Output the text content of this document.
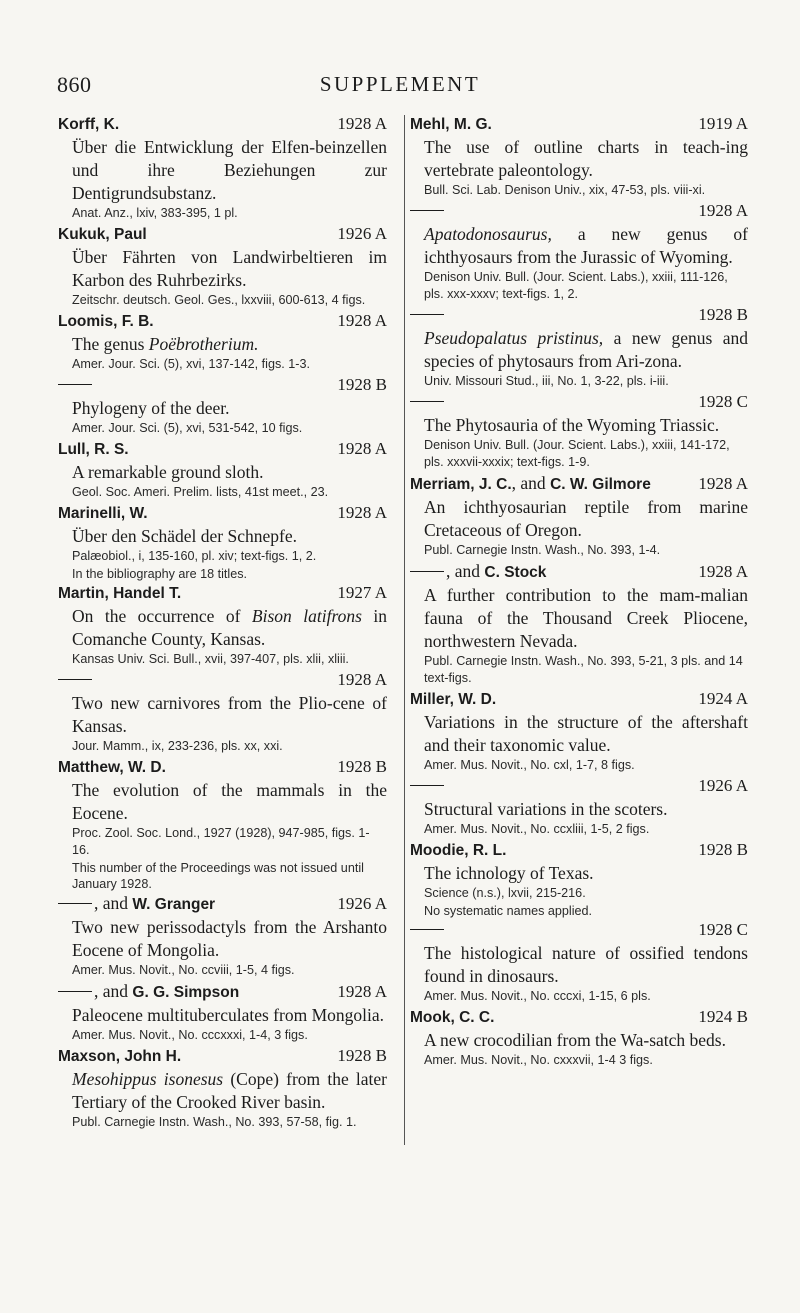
860	SUPPLEMENT
Korff, K.	1928 A
Über die Entwicklung der Elfen-beinzellen und ihre Beziehungen zur Dentigrundsubstanz.
Anat. Anz., lxiv, 383-395, 1 pl.
Kukuk, Paul	1926 A
Über Fährten von Landwirbeltieren im Karbon des Ruhrbezirks.
Zeitschr. deutsch. Geol. Ges., lxxviii, 600-613, 4 figs.
Loomis, F. B.	1928 A
The genus Poëbrotherium.
Amer. Jour. Sci. (5), xvi, 137-142, figs. 1-3.
1928 B
Phylogeny of the deer.
Amer. Jour. Sci. (5), xvi, 531-542, 10 figs.
Lull, R. S.	1928 A
A remarkable ground sloth.
Geol. Soc. Ameri. Prelim. lists, 41st meet., 23.
Marinelli, W.	1928 A
Über den Schädel der Schnepfe.
Palæobiol., i, 135-160, pl. xiv; text-figs. 1, 2.
In the bibliography are 18 titles.
Martin, Handel T.	1927 A
On the occurrence of Bison latifrons in Comanche County, Kansas.
Kansas Univ. Sci. Bull., xvii, 397-407, pls. xlii, xliii.
1928 A
Two new carnivores from the Plio-cene of Kansas.
Jour. Mamm., ix, 233-236, pls. xx, xxi.
Matthew, W. D.	1928 B
The evolution of the mammals in the Eocene.
Proc. Zool. Soc. Lond., 1927 (1928), 947-985, figs. 1-16.
This number of the Proceedings was not issued until January 1928.
, and W. Granger	1926 A
Two new perissodactyls from the Arshanto Eocene of Mongolia.
Amer. Mus. Novit., No. ccviii, 1-5, 4 figs.
, and G. G. Simpson	1928 A
Paleocene multituberculates from Mongolia.
Amer. Mus. Novit., No. cccxxxi, 1-4, 3 figs.
Maxson, John H.	1928 B
Mesohippus isonesus (Cope) from the later Tertiary of the Crooked River basin.
Publ. Carnegie Instn. Wash., No. 393, 57-58, fig. 1.
Mehl, M. G.	1919 A
The use of outline charts in teach-ing vertebrate paleontology.
Bull. Sci. Lab. Denison Univ., xix, 47-53, pls. viii-xi.
1928 A
Apatodonosaurus, a new genus of ichthyosaurs from the Jurassic of Wyoming.
Denison Univ. Bull. (Jour. Scient. Labs.), xxiii, 111-126, pls. xxx-xxxv; text-figs. 1, 2.
1928 B
Pseudopalatus pristinus, a new genus and species of phytosaurs from Ari-zona.
Univ. Missouri Stud., iii, No. 1, 3-22, pls. i-iii.
1928 C
The Phytosauria of the Wyoming Triassic.
Denison Univ. Bull. (Jour. Scient. Labs.), xxiii, 141-172, pls. xxxvii-xxxix; text-figs. 1-9.
Merriam, J. C., and C. W. Gilmore	1928 A
An ichthyosaurian reptile from marine Cretaceous of Oregon.
Publ. Carnegie Instn. Wash., No. 393, 1-4.
, and C. Stock	1928 A
A further contribution to the mam-malian fauna of the Thousand Creek Pliocene, northwestern Nevada.
Publ. Carnegie Instn. Wash., No. 393, 5-21, 3 pls. and 14 text-figs.
Miller, W. D.	1924 A
Variations in the structure of the aftershaft and their taxonomic value.
Amer. Mus. Novit., No. cxl, 1-7, 8 figs.
1926 A
Structural variations in the scoters.
Amer. Mus. Novit., No. ccxliii, 1-5, 2 figs.
Moodie, R. L.	1928 B
The ichnology of Texas.
Science (n.s.), lxvii, 215-216.
No systematic names applied.
1928 C
The histological nature of ossified tendons found in dinosaurs.
Amer. Mus. Novit., No. cccxi, 1-15, 6 pls.
Mook, C. C.	1924 B
A new crocodilian from the Wa-satch beds.
Amer. Mus. Novit., No. cxxxvii, 1-4 3 figs.
